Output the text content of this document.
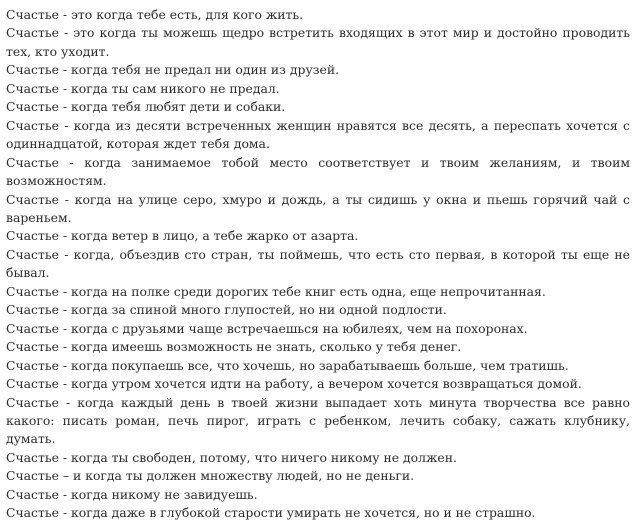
Счастье - это когда тебе есть, для кого жить.

Счастье - это когда ты можешь щедро встретить входящих в этот мир и достойно проводить тех, кто уходит.

Счастье - когда тебя не предал ни один из друзей.

Счастье - когда ты сам никого не предал.

Счастье - когда тебя любят дети и собаки.

Счастье - когда из десяти встреченных женщин нравятся все десять, а переспать хочется с одиннадцатой, которая ждет тебя дома.

Счастье - когда занимаемое тобой место соответствует и твоим желаниям, и твоим возможностям.

Счастье - когда на улице серо, хмуро и дождь, а ты сидишь у окна и пьешь горячий чай с вареньем.

Счастье - когда ветер в лицо, а тебе жарко от азарта.

Счастье - когда, объездив сто стран, ты поймешь, что есть сто первая, в которой ты еще не бывал.

Счастье - когда на полке среди дорогих тебе книг есть одна, еще непрочитанная.

Счастье - когда за спиной много глупостей, но ни одной подлости.

Счастье - когда с друзьями чаще встречаешься на юбилеях, чем на похоронах.

Счастье - когда имеешь возможность не знать, сколько у тебя денег.

Счастье - когда покупаешь все, что хочешь, но зарабатываешь больше, чем тратишь.

Счастье - когда утром хочется идти на работу, а вечером хочется возвращаться домой.

Счастье - когда каждый день в твоей жизни выпадает хоть минута творчества все равно какого: писать роман, печь пирог, играть с ребенком, лечить собаку, сажать клубнику, думать.

Счастье - когда ты свободен, потому, что ничего никому не должен.

Счастье – и когда ты должен множеству людей, но не деньги.

Счастье - когда никому не завидуешь.

Счастье - когда даже в глубокой старости умирать не хочется, но и не страшно.
